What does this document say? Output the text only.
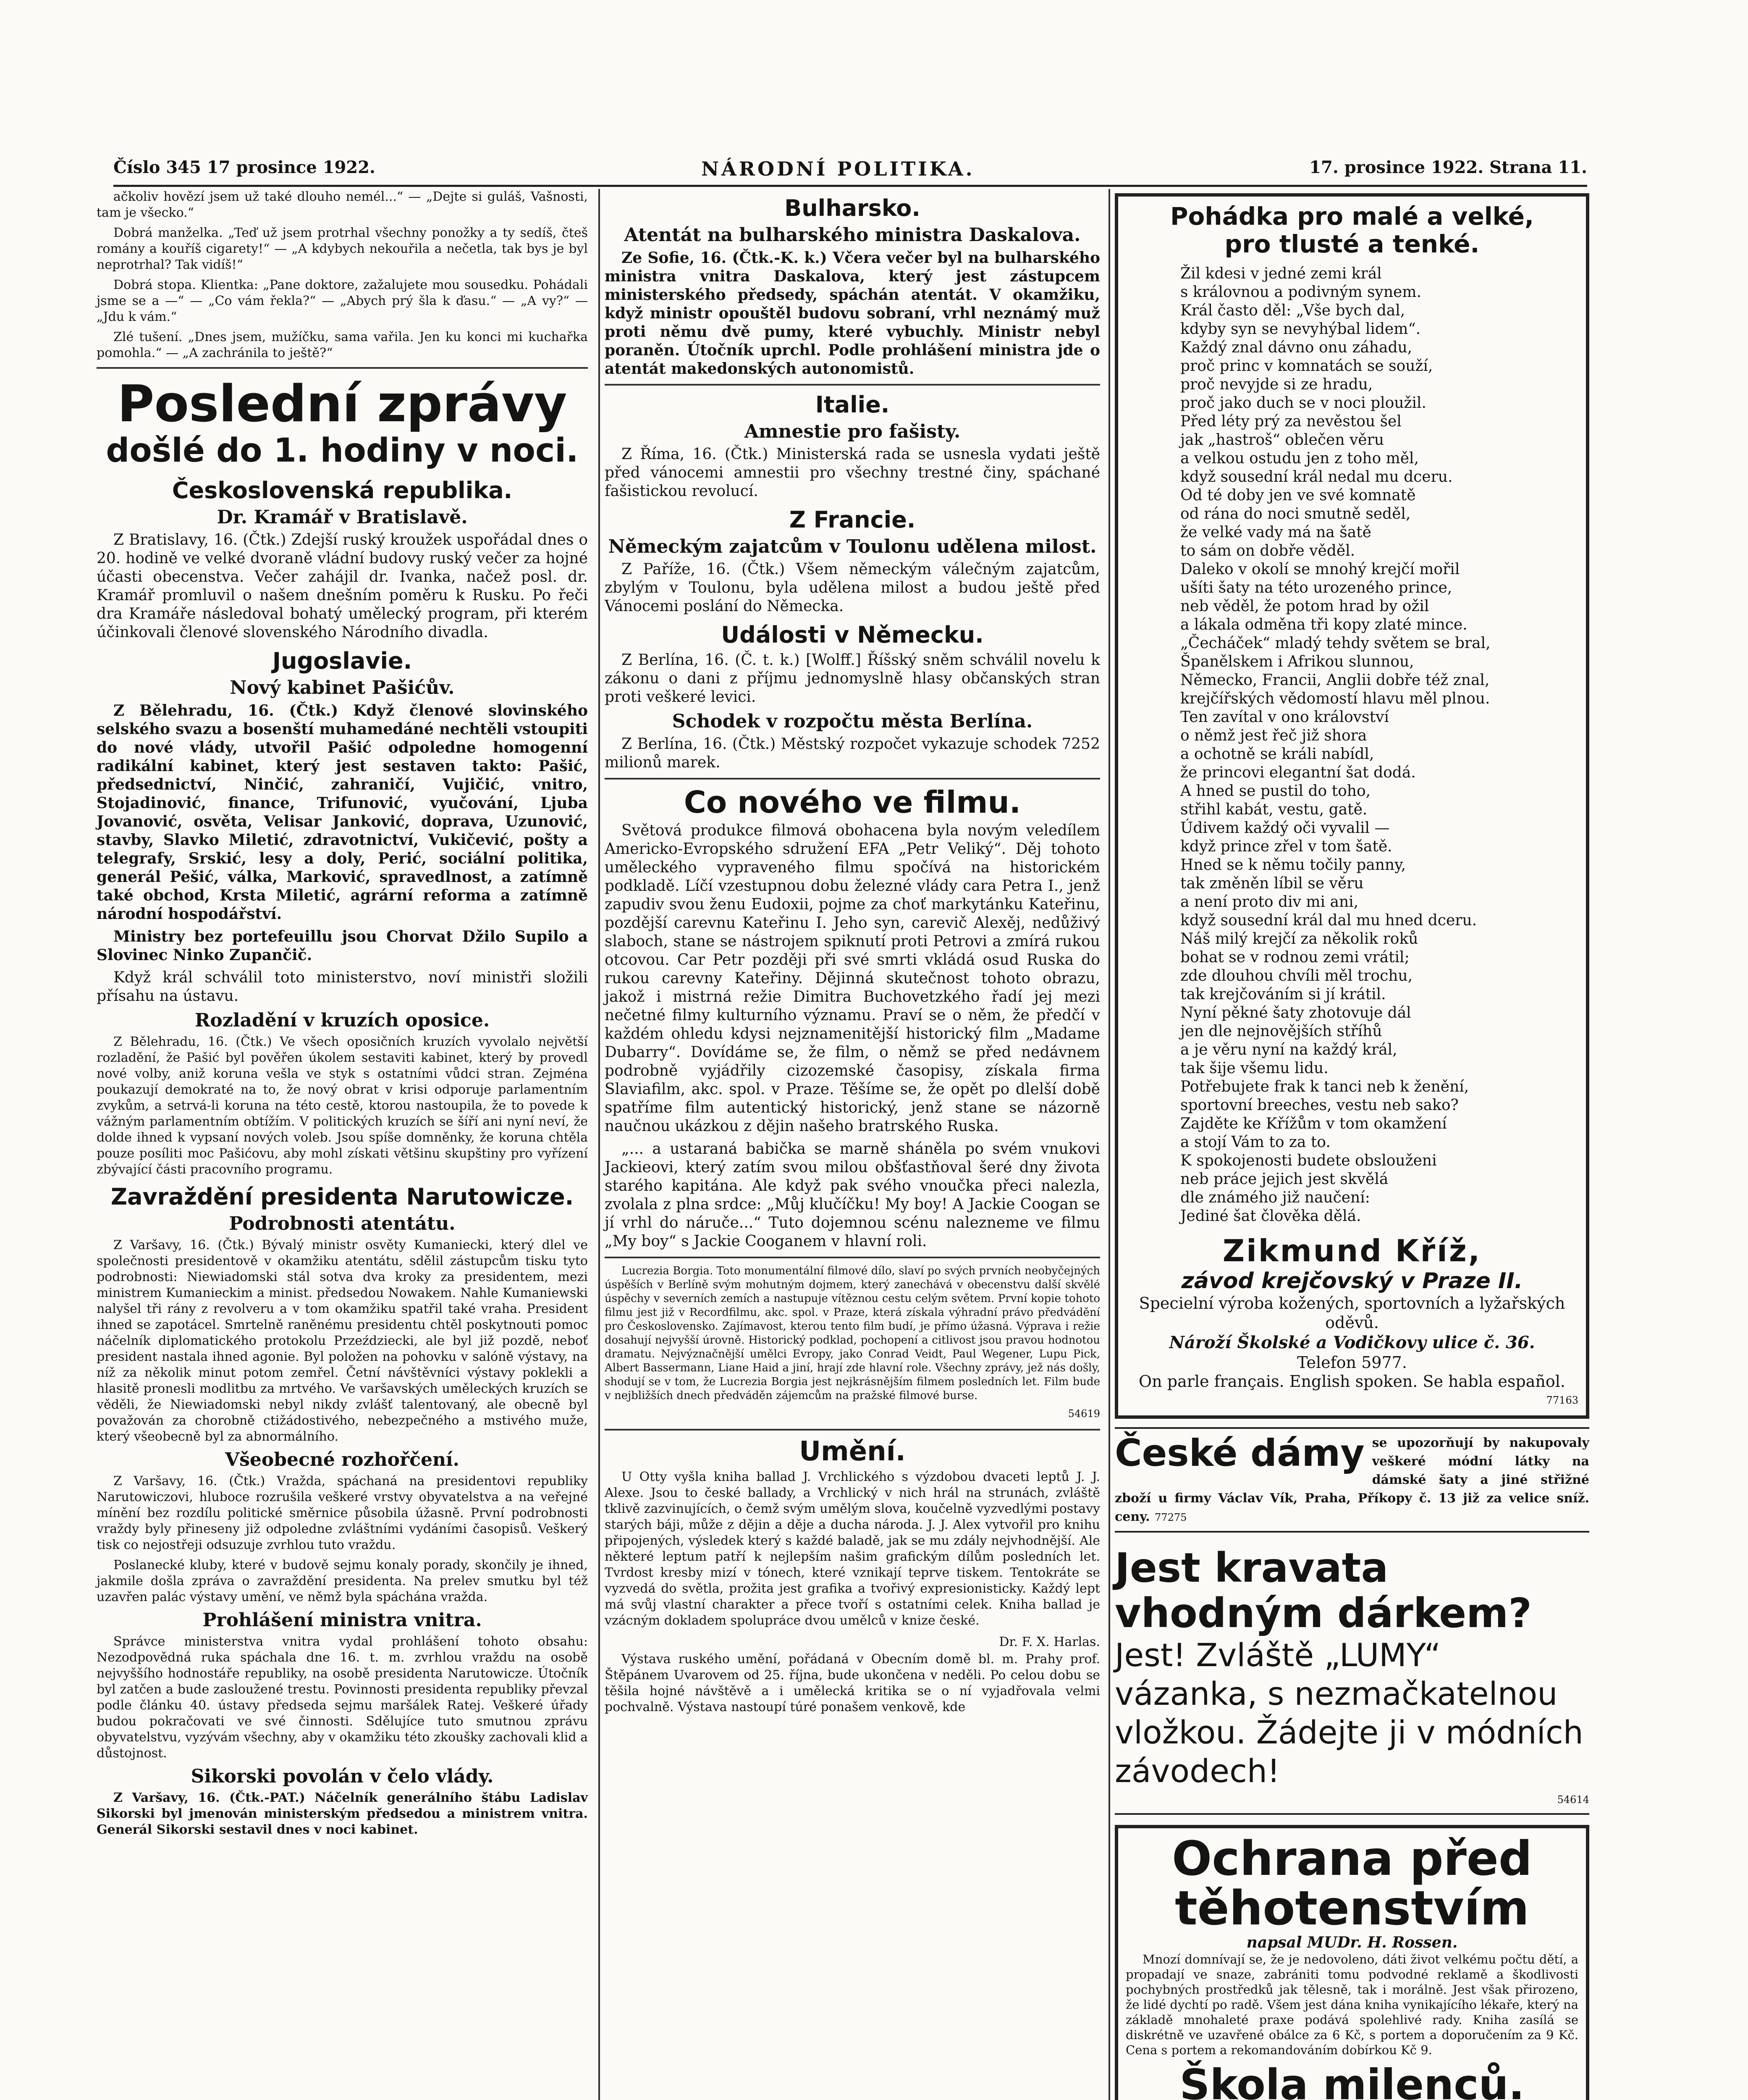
Číslo 345 17 prosince 1922.	NÁRODNÍ POLITIKA.	17. prosince 1922. Strana 11.

ačkoliv hovězí jsem už také dlouho nemél...“ — „Dejte si guláš, Vašnosti, tam je všecko.“

Dobrá manželka. „Teď už jsem protrhal všechny ponožky a ty sedíš, čteš romány a kouříš cigarety!“ — „A kdybych nekouřila a nečetla, tak bys je byl neprotrhal? Tak vidíš!“

Dobrá stopa. Klientka: „Pane doktore, zažalujete mou sousedku. Pohádali jsme se a —“ — „Co vám řekla?“ — „Abych prý šla k ďasu.“ — „A vy?“ — „Jdu k vám.“

Zlé tušení. „Dnes jsem, mužíčku, sama vařila. Jen ku konci mi kuchařka pomohla.“ — „A zachránila to ještě?“

Poslední zprávy
došlé do 1. hodiny v noci.
Československá republika.
Dr. Kramář v Bratislavě.

Z Bratislavy, 16. (Čtk.) Zdejší ruský kroužek uspořádal dnes o 20. hodině ve velké dvoraně vládní budovy ruský večer za hojné účasti obecenstva. Večer zahájil dr. Ivanka, načež posl. dr. Kramář promluvil o našem dnešním poměru k Rusku. Po řeči dra Kramáře následoval bohatý umělecký program, při kterém účinkovali členové slovenského Národního divadla.

Jugoslavie.
Nový kabinet Pašićův.

Z Bělehradu, 16. (Čtk.) Když členové slovinského selského svazu a bosenští muhamedáné nechtěli vstoupiti do nové vlády, utvořil Pašić odpoledne homogenní radikální kabinet, který jest sestaven takto: Pašić, předsednictví, Ninčić, zahraničí, Vujičić, vnitro, Stojadinović, finance, Trifunović, vyučování, Ljuba Jovanović, osvěta, Velisar Janković, doprava, Uzunović, stavby, Slavko Miletić, zdravotnictví, Vukičević, pošty a telegrafy, Srskić, lesy a doly, Perić, sociální politika, generál Pešić, válka, Marković, spravedlnost, a zatímně také obchod, Krsta Miletić, agrární reforma a zatímně národní hospodářství.

Ministry bez portefeuillu jsou Chorvat Džilo Supilo a Slovinec Ninko Zupančič.

Když král schválil toto ministerstvo, noví ministři složili přísahu na ústavu.

Rozladění v kruzích oposice.

Z Bělehradu, 16. (Čtk.) Ve všech oposičních kruzích vyvolalo největší rozladění, že Pašić byl pověřen úkolem sestaviti kabinet, který by provedl nové volby, aniž koruna vešla ve styk s ostatními vůdci stran. Zejména poukazují demokraté na to, že nový obrat v krisi odporuje parlamentním zvykům, a setrvá-li koruna na této cestě, ktorou nastoupila, že to povede k vážným parlamentním obtížím. V politických kruzích se šíří ani nyní neví, že dolde ihned k vypsaní nových voleb. Jsou spíše domněnky, že koruna chtěla pouze posíliti moc Pašićovu, aby mohl získati většinu skupštiny pro vyřízení zbývající části pracovního programu.

Zavraždění presidenta Narutowicze.
Podrobnosti atentátu.

Z Varšavy, 16. (Čtk.) Bývalý ministr osvěty Kumaniecki, který dlel ve společnosti presidentově v okamžiku atentátu, sdělil zástupcům tisku tyto podrobnosti: Niewiadomski stál sotva dva kroky za presidentem, mezi ministrem Kumanieckim a minist. předsedou Nowakem. Nahle Kumaniewski nalyšel tři rány z revolveru a v tom okamžiku spatřil také vraha. President ihned se zapotácel. Smrtelně raněnému presidentu chtěl poskytnouti pomoc náčelník diplomatického protokolu Przeździecki, ale byl již pozdě, neboť president nastala ihned agonie. Byl položen na pohovku v salóně výstavy, na níž za několik minut potom zemřel. Četní návštěvníci výstavy poklekli a hlasitě pronesli modlitbu za mrtvého. Ve varšavských uměleckých kruzích se věděli, že Niewiadomski nebyl nikdy zvlášť talentovaný, ale obecně byl považován za chorobně ctižádostivého, nebezpečného a mstivého muže, který všeobecně byl za abnormálního.

Všeobecné rozhořčení.

Z Varšavy, 16. (Čtk.) Vražda, spáchaná na presidentovi republiky Narutowiczovi, hluboce rozrušila veškeré vrstvy obyvatelstva a na veřejné mínění bez rozdílu politické směrnice působila úžasně. První podrobnosti vraždy byly přineseny již odpoledne zvláštními vydáními časopisů. Veškerý tisk co nejostřeji odsuzuje zvrhlou tuto vraždu.

Poslanecké kluby, které v budově sejmu konaly porady, skončily je ihned, jakmile došla zpráva o zavraždění presidenta. Na prelev smutku byl též uzavřen palác výstavy umění, ve němž byla spáchána vražda.

Prohlášení ministra vnitra.

Správce ministerstva vnitra vydal prohlášení tohoto obsahu: Nezodpovědná ruka spáchala dne 16. t. m. zvrhlou vraždu na osobě nejvyššího hodnostáře republiky, na osobě presidenta Narutowicze. Útočník byl zatčen a bude zasloužené trestu. Povinnosti presidenta republiky převzal podle článku 40. ústavy předseda sejmu maršálek Ratej. Veškeré úřady budou pokračovati ve své činnosti. Sdělujíce tuto smutnou zprávu obyvatelstvu, vyzývám všechny, aby v okamžiku této zkoušky zachovali klid a důstojnost.

Sikorski povolán v čelo vlády.

Z Varšavy, 16. (Čtk.-PAT.) Náčelník generálního štábu Ladislav Sikorski byl jmenován ministerským předsedou a ministrem vnitra. Generál Sikorski sestavil dnes v noci kabinet.

Bulharsko.
Atentát na bulharského ministra Daskalova.

Ze Sofie, 16. (Čtk.-K. k.) Včera večer byl na bulharského ministra vnitra Daskalova, který jest zástupcem ministerského předsedy, spáchán atentát. V okamžiku, když ministr opouštěl budovu sobraní, vrhl neznámý muž proti němu dvě pumy, které vybuchly. Ministr nebyl poraněn. Útočník uprchl. Podle prohlášení ministra jde o atentát makedonských autonomistů.

Italie.
Amnestie pro fašisty.

Z Říma, 16. (Čtk.) Ministerská rada se usnesla vydati ještě před vánocemi amnestii pro všechny trestné činy, spáchané fašistickou revolucí.

Z Francie.
Německým zajatcům v Toulonu udělena milost.

Z Paříže, 16. (Čtk.) Všem německým válečným zajatcům, zbylým v Toulonu, byla udělena milost a budou ještě před Vánocemi poslání do Německa.

Události v Německu.

Z Berlína, 16. (Č. t. k.) [Wolff.] Říšský sněm schválil novelu k zákonu o dani z příjmu jednomyslně hlasy občanských stran proti veškeré levici.

Schodek v rozpočtu města Berlína.

Z Berlína, 16. (Čtk.) Městský rozpočet vykazuje schodek 7252 milionů marek.

Co nového ve filmu.

Světová produkce filmová obohacena byla novým veledílem Americko-Evropského sdružení EFA „Petr Veliký“. Děj tohoto uměleckého vypraveného filmu spočívá na historickém podkladě. Líčí vzestupnou dobu železné vlády cara Petra I., jenž zapudiv svou ženu Eudoxii, pojme za choť markytánku Kateřinu, pozdější carevnu Kateřinu I. Jeho syn, carevič Alexěj, nedůživý slaboch, stane se nástrojem spiknutí proti Petrovi a zmírá rukou otcovou. Car Petr později při své smrti vkládá osud Ruska do rukou carevny Kateřiny. Dějinná skutečnost tohoto obrazu, jakož i mistrná režie Dimitra Buchovetzkého řadí jej mezi nečetné filmy kulturního významu. Praví se o něm, že předčí v každém ohledu kdysi nejznamenitější historický film „Madame Dubarry“. Dovídáme se, že film, o němž se před nedávnem podrobně vyjádřily cizozemské časopisy, získala firma Slaviafilm, akc. spol. v Praze. Těšíme se, že opět po dlelší době spatříme film autentický historický, jenž stane se názorně naučnou ukázkou z dějin našeho bratrského Ruska.

„... a ustaraná babička se marně sháněla po svém vnukovi Jackieovi, který zatím svou milou obšťastňoval šeré dny života starého kapitána. Ale když pak svého vnoučka přeci nalezla, zvolala z plna srdce: „Můj klučíčku! My boy! A Jackie Coogan se jí vrhl do náruče...“ Tuto dojemnou scénu nalezneme ve filmu „My boy“ s Jackie Cooganem v hlavní roli.

Lucrezia Borgia. Toto monumentální filmové dílo, slaví po svých prvních neobyčejných úspěších v Berlíně svým mohutným dojmem, který zanechává v obecenstvu další skvělé úspěchy v severních zemích a nastupuje vítěznou cestu celým světem. První kopie tohoto filmu jest již v Recordfilmu, akc. spol. v Praze, která získala výhradní právo předvádění pro Československo. Zajímavost, kterou tento film budí, je přímo úžasná. Výprava i režie dosahují nejvyšší úrovně. Historický podklad, pochopení a citlivost jsou pravou hodnotou dramatu. Nejvýznačnější umělci Evropy, jako Conrad Veidt, Paul Wegener, Lupu Pick, Albert Bassermann, Liane Haid a jiní, hrají zde hlavní role. Všechny zprávy, jež nás došly, shodují se v tom, že Lucrezia Borgia jest nejkrásnějším filmem posledních let. Film bude v nejbližších dnech předváděn zájemcům na pražské filmové burse.

54619
Umění.

U Otty vyšla kniha ballad J. Vrchlického s výzdobou dvaceti leptů J. J. Alexe. Jsou to české ballady, a Vrchlický v nich hrál na strunách, zvláště tklivě zazvinujících, o čemž svým umělým slova, koučelně vyzvedlými postavy starých báji, může z dějin a děje a ducha národa. J. J. Alex vytvořil pro knihu připojených, výsledek který s každé baladě, jak se mu zdály nejvhodnější. Ale některé leptum patří k nejlepším našim grafickým dílům posledních let. Tvrdost kresby mizí v tónech, které vznikají teprve tiskem. Tentokráte se vyzvedá do světla, prožita jest grafika a tvořivý expresionisticky. Každý lept má svůj vlastní charakter a přece tvoří s ostatními celek. Kniha ballad je vzácným dokladem spolupráce dvou umělců v knize české.

Dr. F. X. Harlas.

Výstava ruského umění, pořádaná v Obecním domě bl. m. Prahy prof. Štěpánem Uvarovem od 25. října, bude ukončena v neděli. Po celou dobu se těšila hojné návštěvě a i umělecká kritika se o ní vyjadřovala velmi pochvalně. Výstava nastoupí túré ponašem venkově, kde

Pohádka pro malé a velké,
pro tlusté a tenké.
Žil kdesi v jedné zemi král
s královnou a podivným synem.
Král často děl: „Vše bych dal,
kdyby syn se nevyhýbal lidem“.
Každý znal dávno onu záhadu,
proč princ v komnatách se souží,
proč nevyjde si ze hradu,
proč jako duch se v noci ploužil.
Před léty prý za nevěstou šel
jak „hastroš“ oblečen věru
a velkou ostudu jen z toho měl,
když sousední král nedal mu dceru.
Od té doby jen ve své komnatě
od rána do noci smutně seděl,
že velké vady má na šatě
to sám on dobře věděl.
Daleko v okolí se mnohý krejčí mořil
ušíti šaty na této urozeného prince,
neb věděl, že potom hrad by ožil
a lákala odměna tři kopy zlaté mince.
„Čecháček“ mladý tehdy světem se bral,
Španělskem i Afrikou slunnou,
Německo, Francii, Anglii dobře též znal,
krejčířských vědomostí hlavu měl plnou.
Ten zavítal v ono království
o němž jest řeč již shora
a ochotně se králi nabídl,
že princovi elegantní šat dodá.
A hned se pustil do toho,
střihl kabát, vestu, gatě.
Údivem každý oči vyvalil —
když prince zřel v tom šatě.
Hned se k němu točily panny,
tak změněn líbil se věru
a není proto div mi ani,
když sousední král dal mu hned dceru.
Náš milý krejčí za několik roků
bohat se v rodnou zemi vrátil;
zde dlouhou chvíli měl trochu,
tak krejčováním si jí krátil.
Nyní pěkné šaty zhotovuje dál
jen dle nejnovějších stříhů
a je věru nyní na každý král,
tak šije všemu lidu.
Potřebujete frak k tanci neb k ženění,
sportovní breeches, vestu neb sako?
Zajděte ke Křížům v tom okamžení
a stojí Vám to za to.
K spokojenosti budete obslouženi
neb práce jejich jest skvělá
dle známého již naučení:
Jediné šat člověka dělá.
Zikmund Kříž,
závod krejčovský v Praze II.
Specielní výroba kožených, sportovních a lyžařských oděvů.
Nároží Školské a Vodičkovy ulice č. 36.
Telefon 5977.
On parle français. English spoken. Se habla español.
77163
České dámy se upozorňují by nakupovaly veškeré módní látky na dámské šaty a jiné střižné zboží u firmy Václav Vík, Praha, Příkopy č. 13 již za velice sníž. ceny. 77275
Jest kravata vhodným dárkem?
Jest! Zvláště „LUMY“ vázanka, s nezmačkatelnou vložkou. Žádejte ji v módních závodech!
54614
Ochrana před těhotenstvím
napsal MUDr. H. Rossen.

Mnozí domnívají se, že je nedovoleno, dáti život velkému počtu dětí, a propadají ve snaze, zabrániti tomu podvodné reklamě a škodlivosti pochybných prostředků jak tělesně, tak i morálně. Jest však přirozeno, že lidé dychtí po radě. Všem jest dána kniha vynikajícího lékaře, který na základě mnohaleté praxe podává spolehlivé rady. Kniha zasílá se diskrétně ve uzavřené obálce za 6 Kč, s portem a doporučením za 9 Kč. Cena s portem a rekomandováním dobírkou Kč 9.

Škola milenců.
